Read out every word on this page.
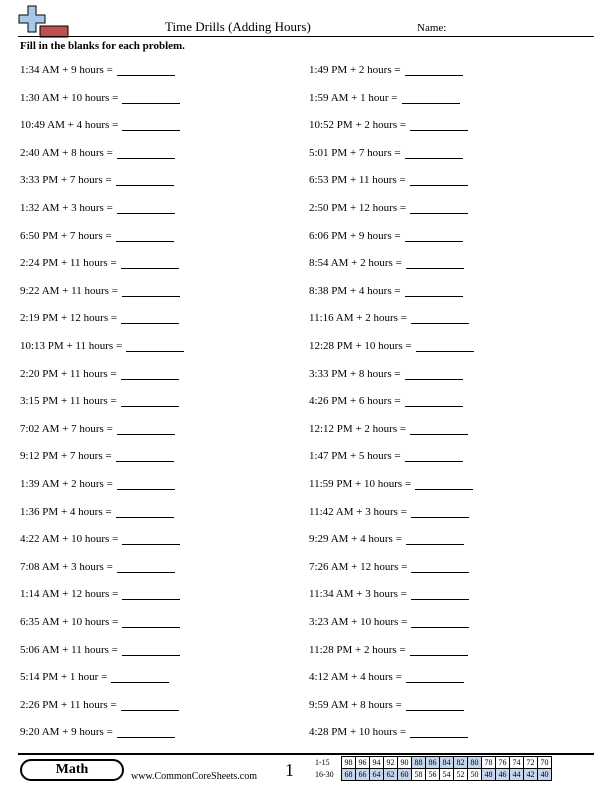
Time Drills (Adding Hours)	Name:
Fill in the blanks for each problem.
1:34 AM + 9 hours =
1:30 AM + 10 hours =
10:49 AM + 4 hours =
2:40 AM + 8 hours =
3:33 PM + 7 hours =
1:32 AM + 3 hours =
6:50 PM + 7 hours =
2:24 PM + 11 hours =
9:22 AM + 11 hours =
2:19 PM + 12 hours =
10:13 PM + 11 hours =
2:20 PM + 11 hours =
3:15 PM + 11 hours =
7:02 AM + 7 hours =
9:12 PM + 7 hours =
1:39 AM + 2 hours =
1:36 PM + 4 hours =
4:22 AM + 10 hours =
7:08 AM + 3 hours =
1:14 AM + 12 hours =
6:35 AM + 10 hours =
5:06 AM + 11 hours =
5:14 PM + 1 hour =
2:26 PM + 11 hours =
9:20 AM + 9 hours =
1:49 PM + 2 hours =
1:59 AM + 1 hour =
10:52 PM + 2 hours =
5:01 PM + 7 hours =
6:53 PM + 11 hours =
2:50 PM + 12 hours =
6:06 PM + 9 hours =
8:54 AM + 2 hours =
8:38 PM + 4 hours =
11:16 AM + 2 hours =
12:28 PM + 10 hours =
3:33 PM + 8 hours =
4:26 PM + 6 hours =
12:12 PM + 2 hours =
1:47 PM + 5 hours =
11:59 PM + 10 hours =
11:42 AM + 3 hours =
9:29 AM + 4 hours =
7:26 AM + 12 hours =
11:34 AM + 3 hours =
3:23 AM + 10 hours =
11:28 PM + 2 hours =
4:12 AM + 4 hours =
9:59 AM + 8 hours =
4:28 PM + 10 hours =
Math	www.CommonCoreSheets.com 1	1-15	98	96	94	92	90	88	86	84	82	80	78	76	74	72	70
16-30	68	66	64	62	60	58	56	54	52	50	48	46	44	42	40
